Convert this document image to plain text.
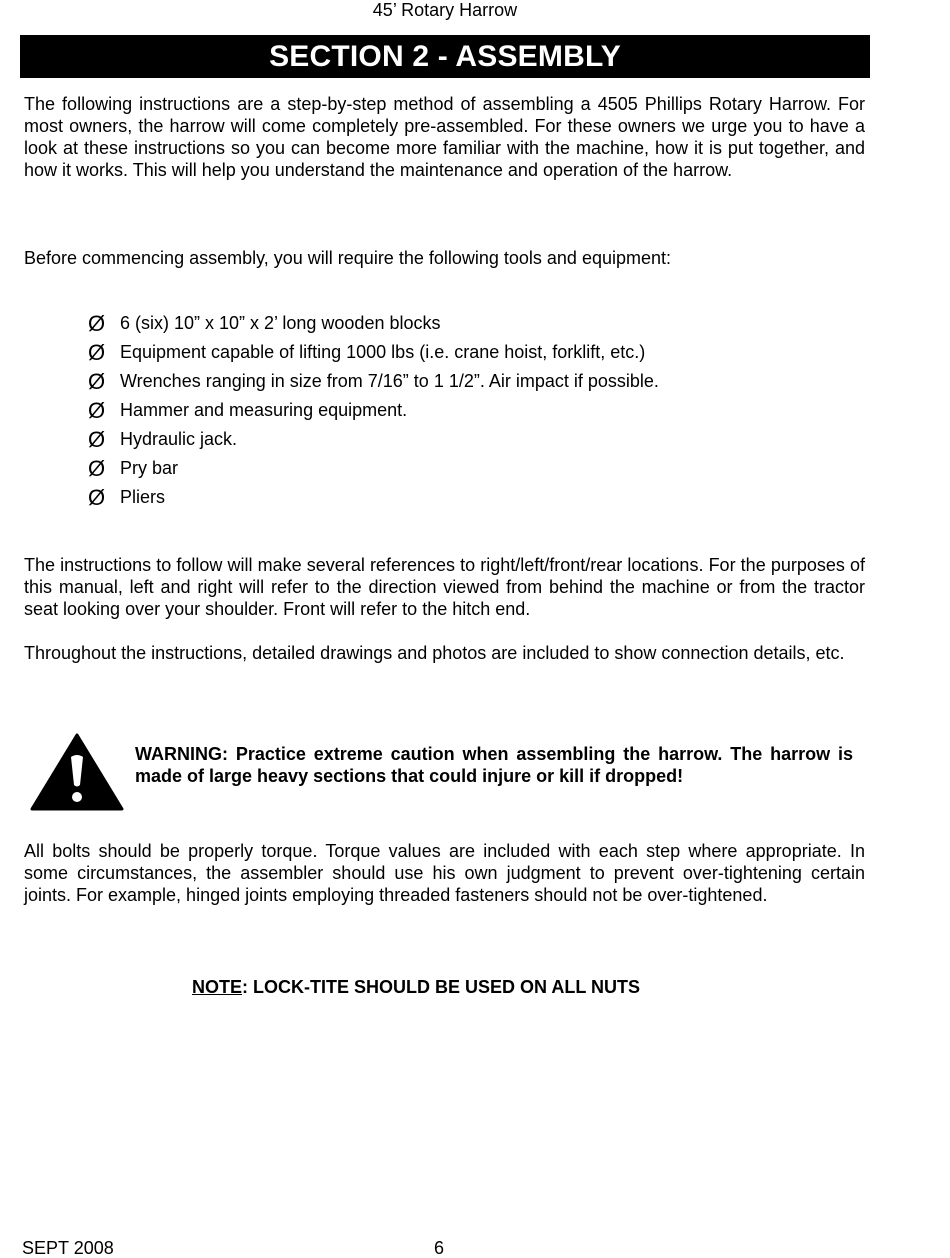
45’ Rotary Harrow
SECTION 2 - ASSEMBLY

The following instructions are a step-by-step method of assembling a 4505 Phillips Rotary Harrow. For most owners, the harrow will come completely pre-assembled. For these owners we urge you to have a look at these instructions so you can become more familiar with the machine, how it is put together, and how it works. This will help you understand the maintenance and operation of the harrow.

Before commencing assembly, you will require the following tools and equipment:

Ø 6 (six) 10” x 10” x 2’ long wooden blocks
Ø Equipment capable of lifting 1000 lbs (i.e. crane hoist, forklift, etc.)
Ø Wrenches ranging in size from 7/16” to 1 1/2”. Air impact if possible.
Ø Hammer and measuring equipment.
Ø Hydraulic jack.
Ø Pry bar
Ø Pliers

The instructions to follow will make several references to right/left/front/rear locations. For the purposes of this manual, left and right will refer to the direction viewed from behind the machine or from the tractor seat looking over your shoulder. Front will refer to the hitch end.

Throughout the instructions, detailed drawings and photos are included to show connection details, etc.

WARNING: Practice extreme caution when assembling the harrow. The harrow is made of large heavy sections that could injure or kill if dropped!

All bolts should be properly torque. Torque values are included with each step where appropriate. In some circumstances, the assembler should use his own judgment to prevent over-tightening certain joints. For example, hinged joints employing threaded fasteners should not be over-tightened.

NOTE: LOCK-TITE SHOULD BE USED ON ALL NUTS
SEPT 2008	6
